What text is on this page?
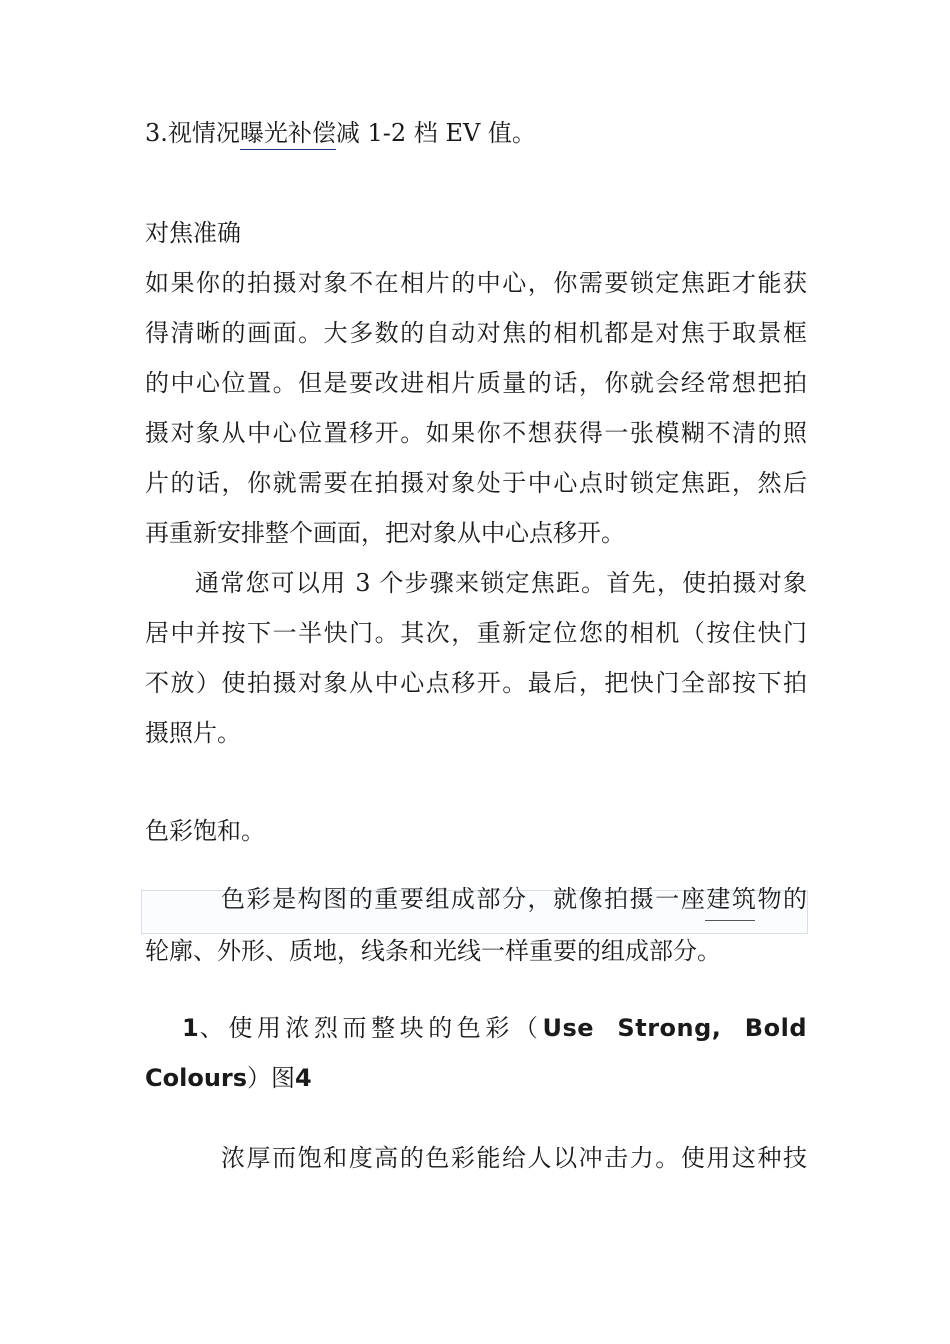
3.视情况曝光补偿减 1-2 档 EV 值。
对焦准确
如果你的拍摄对象不在相片的中心，你需要锁定焦距才能获
得清晰的画面。大多数的自动对焦的相机都是对焦于取景框
的中心位置。但是要改进相片质量的话，你就会经常想把拍
摄对象从中心位置移开。如果你不想获得一张模糊不清的照
片的话，你就需要在拍摄对象处于中心点时锁定焦距，然后
再重新安排整个画面，把对象从中心点移开。
通常您可以用 3 个步骤来锁定焦距。首先，使拍摄对象
居中并按下一半快门。其次，重新定位您的相机（按住快门
不放）使拍摄对象从中心点移开。最后，把快门全部按下拍
摄照片。
色彩饱和。
色彩是构图的重要组成部分，就像拍摄一座建筑物的
轮廓、外形、质地，线条和光线一样重要的组成部分。
1、使用浓烈而整块的色彩（Use Strong, Bold
Colours）图4
浓厚而饱和度高的色彩能给人以冲击力。使用这种技
